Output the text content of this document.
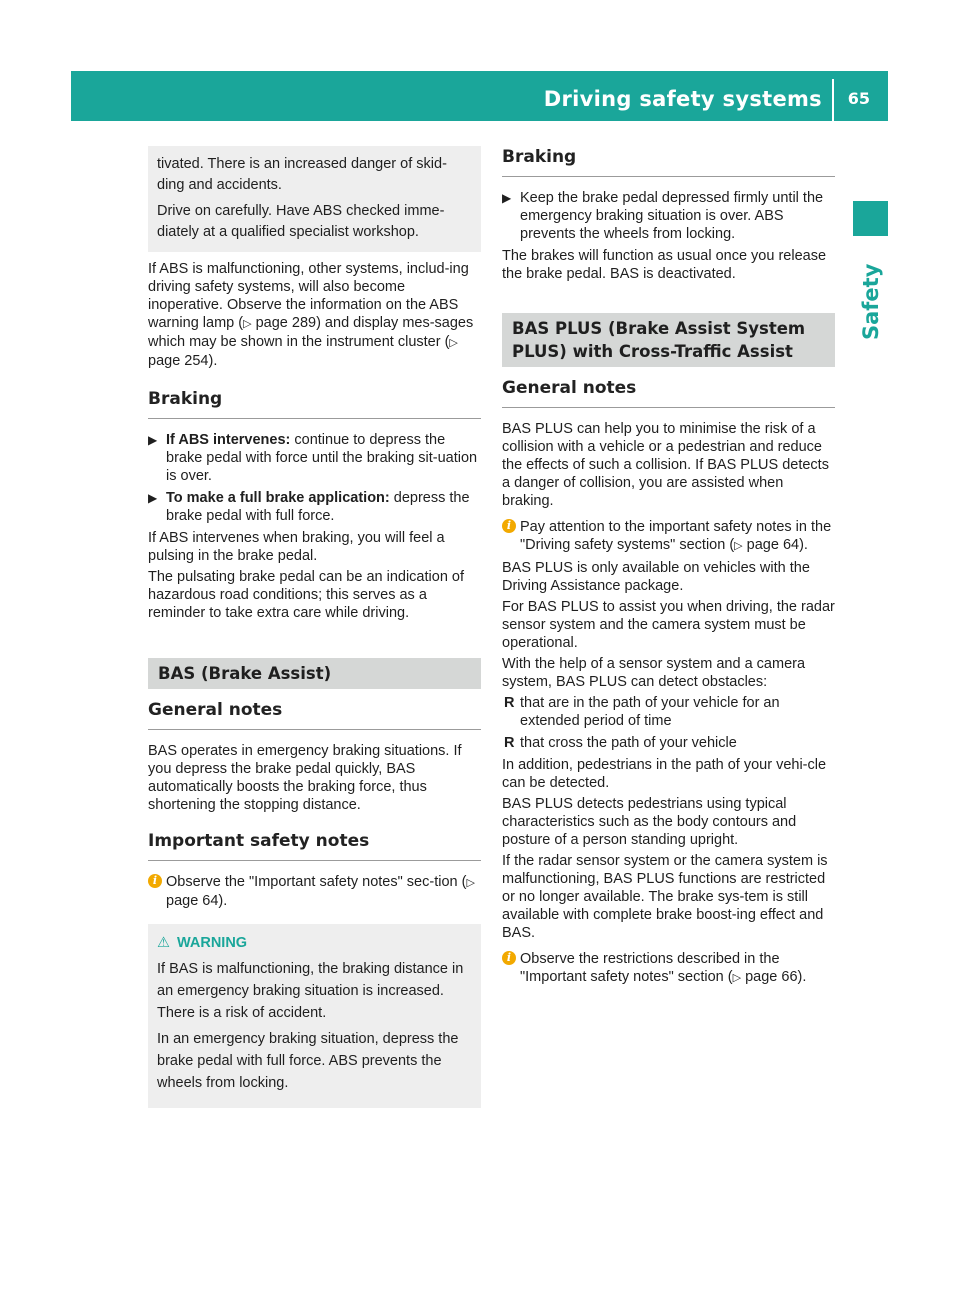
Driving safety systems 65
Safety

tivated. There is an increased danger of skid-ding and accidents.

Drive on carefully. Have ABS checked imme-diately at a qualified specialist workshop.

If ABS is malfunctioning, other systems, includ-ing driving safety systems, will also become inoperative. Observe the information on the ABS warning lamp (▷ page 289) and display mes-sages which may be shown in the instrument cluster (▷ page 254).

Braking
▶ If ABS intervenes: continue to depress the brake pedal with force until the braking sit-uation is over.
▶ To make a full brake application: depress the brake pedal with full force.

If ABS intervenes when braking, you will feel a pulsing in the brake pedal.

The pulsating brake pedal can be an indication of hazardous road conditions; this serves as a reminder to take extra care while driving.

BAS (Brake Assist)
General notes

BAS operates in emergency braking situations. If you depress the brake pedal quickly, BAS automatically boosts the braking force, thus shortening the stopping distance.

Important safety notes
i Observe the "Important safety notes" sec-tion (▷ page 64).
⚠ WARNING

If BAS is malfunctioning, the braking distance in an emergency braking situation is increased. There is a risk of accident.

In an emergency braking situation, depress the brake pedal with full force. ABS prevents the wheels from locking.

Braking
▶ Keep the brake pedal depressed firmly until the emergency braking situation is over. ABS prevents the wheels from locking.

The brakes will function as usual once you release the brake pedal. BAS is deactivated.

BAS PLUS (Brake Assist System PLUS) with Cross-Traffic Assist
General notes

BAS PLUS can help you to minimise the risk of a collision with a vehicle or a pedestrian and reduce the effects of such a collision. If BAS PLUS detects a danger of collision, you are assisted when braking.

i Pay attention to the important safety notes in the "Driving safety systems" section (▷ page 64).

BAS PLUS is only available on vehicles with the Driving Assistance package.

For BAS PLUS to assist you when driving, the radar sensor system and the camera system must be operational.

With the help of a sensor system and a camera system, BAS PLUS can detect obstacles:

R that are in the path of your vehicle for an extended period of time
R that cross the path of your vehicle

In addition, pedestrians in the path of your vehi-cle can be detected.

BAS PLUS detects pedestrians using typical characteristics such as the body contours and posture of a person standing upright.

If the radar sensor system or the camera system is malfunctioning, BAS PLUS functions are restricted or no longer available. The brake sys-tem is still available with complete brake boost-ing effect and BAS.

i Observe the restrictions described in the "Important safety notes" section (▷ page 66).
